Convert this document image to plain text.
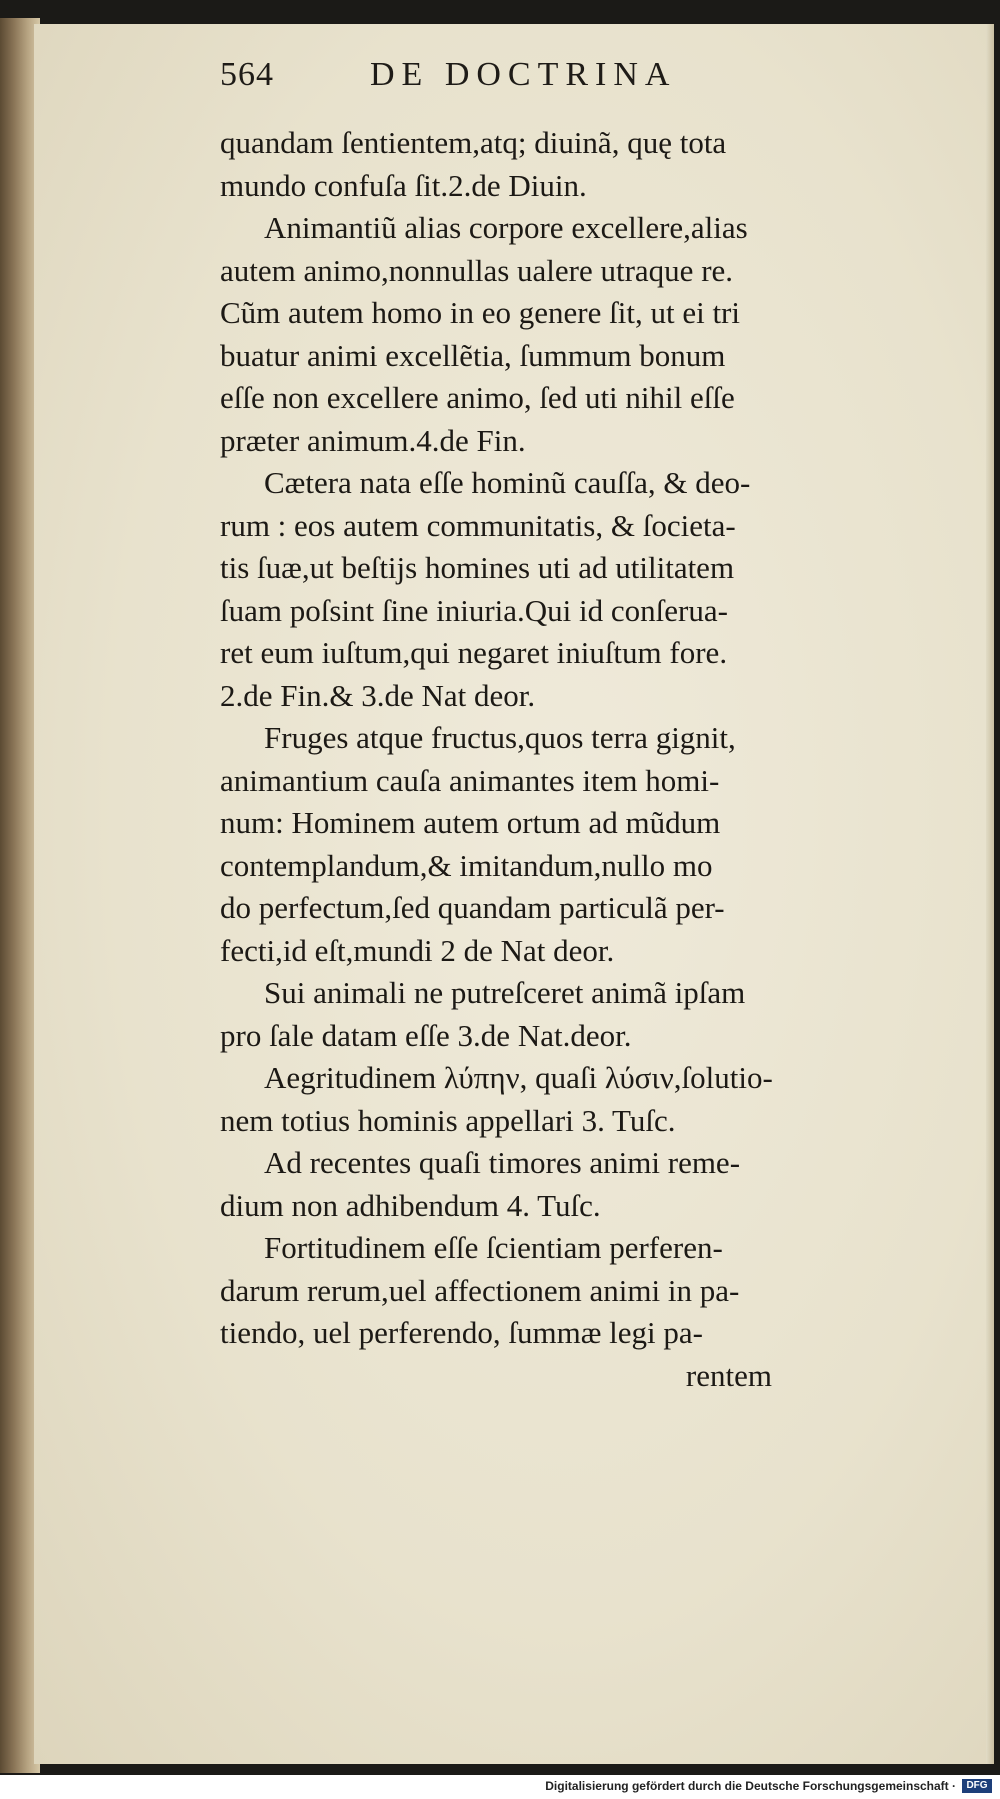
564	DE DOCTRINA
quandam ſentientem,atq; diuinã, quę tota
mundo confuſa ſit.2.de Diuin.
Animantiũ alias corpore excellere,alias
autem animo,nonnullas ualere utraque re.
Cũm autem homo in eo genere ſit, ut ei tri
buatur animi excellẽtia, ſummum bonum
eſſe non excellere animo, ſed uti nihil eſſe
præter animum.4.de Fin.
Cætera nata eſſe hominũ cauſſa, & deo-
rum : eos autem communitatis, & ſocieta-
tis ſuæ,ut beſtijs homines uti ad utilitatem
ſuam poſsint ſine iniuria.Qui id conſerua-
ret eum iuſtum,qui negaret iniuſtum fore.
2.de Fin.& 3.de Nat deor.
Fruges atque fructus,quos terra gignit,
animantium cauſa animantes item homi-
num: Hominem autem ortum ad mũdum
contemplandum,& imitandum,nullo mo
do perfectum,ſed quandam particulã per-
fecti,id eſt,mundi 2 de Nat deor.
Sui animali ne putreſceret animã ipſam
pro ſale datam eſſe 3.de Nat.deor.
Aegritudinem λύπην, quaſi λύσιν,ſolutio-
nem totius hominis appellari 3. Tuſc.
Ad recentes quaſi timores animi reme-
dium non adhibendum 4. Tuſc.
Fortitudinem eſſe ſcientiam perferen-
darum rerum,uel affectionem animi in pa-
tiendo, uel perferendo, ſummæ legi pa-
rentem
Digitalisierung gefördert durch die Deutsche Forschungsgemeinschaft ·	DFG
